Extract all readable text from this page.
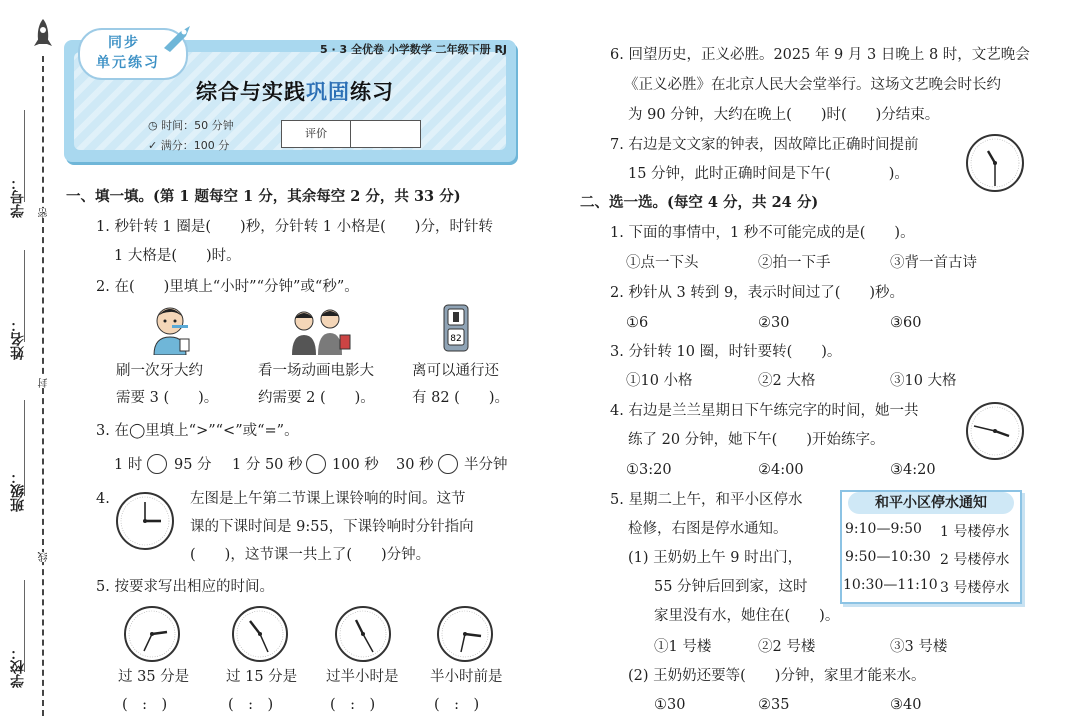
学号：
姓名：
班级：
学校：
密
封
线
同步
单元练习
5 · 3 全优卷 小学数学 二年级下册 RJ
综合与实践巩固练习
◷ 时间：50 分钟
✓ 满分：100 分
评价
一、填一填。(第 1 题每空 1 分，其余每空 2 分，共 33 分)
1. 秒针转 1 圈是(　　)秒，分针转 1 小格是(　　)分，时针转
1 大格是(　　)时。
2. 在(　　)里填上“小时”“分钟”或“秒”。
82
刷一次牙大约
需要 3 (　　)。
看一场动画电影大
约需要 2 (　　)。
离可以通行还
有 82 (　　)。
3. 在◯里填上“>”“<”或“=”。
1 时 95 分 1 分 50 秒 100 秒 30 秒 半分钟
4.	左图是上午第二节课上课铃响的时间。这节
课的下课时间是 9:55，下课铃响时分针指向
(　　)，这节课一共上了(　　)分钟。
5. 按要求写出相应的时间。
过 35 分是	过 15 分是 过半小时是 半小时前是
(　:　)	(　:　)	(　:　)	(　:　)
6. 回望历史，正义必胜。2025 年 9 月 3 日晚上 8 时，文艺晚会
《正义必胜》在北京人民大会堂举行。这场文艺晚会时长约
为 90 分钟，大约在晚上(　　)时(　　)分结束。
7. 右边是文文家的钟表，因故障比正确时间提前
15 分钟，此时正确时间是下午(　　　　)。
二、选一选。(每空 4 分，共 24 分)
1. 下面的事情中，1 秒不可能完成的是(　　)。
①点一下头	②拍一下手	③背一首古诗
2. 秒针从 3 转到 9，表示时间过了(　　)秒。
①6	②30	③60
3. 分针转 10 圈，时针要转(　　)。
①10 小格	②2 大格	③10 大格
4. 右边是兰兰星期日下午练完字的时间，她一共
练了 20 分钟，她下午(　　)开始练字。
①3:20	②4:00	③4:20
5. 星期二上午，和平小区停水
检修，右图是停水通知。
(1) 王奶奶上午 9 时出门，
55 分钟后回到家，这时
家里没有水，她住在(　　)。
①1 号楼	②2 号楼	③3 号楼
(2) 王奶奶还要等(　　)分钟，家里才能来水。
①30	②35	③40
和平小区停水通知
9:10—9:50 1 号楼停水
9:50—10:30 2 号楼停水
10:30—11:10 3 号楼停水
